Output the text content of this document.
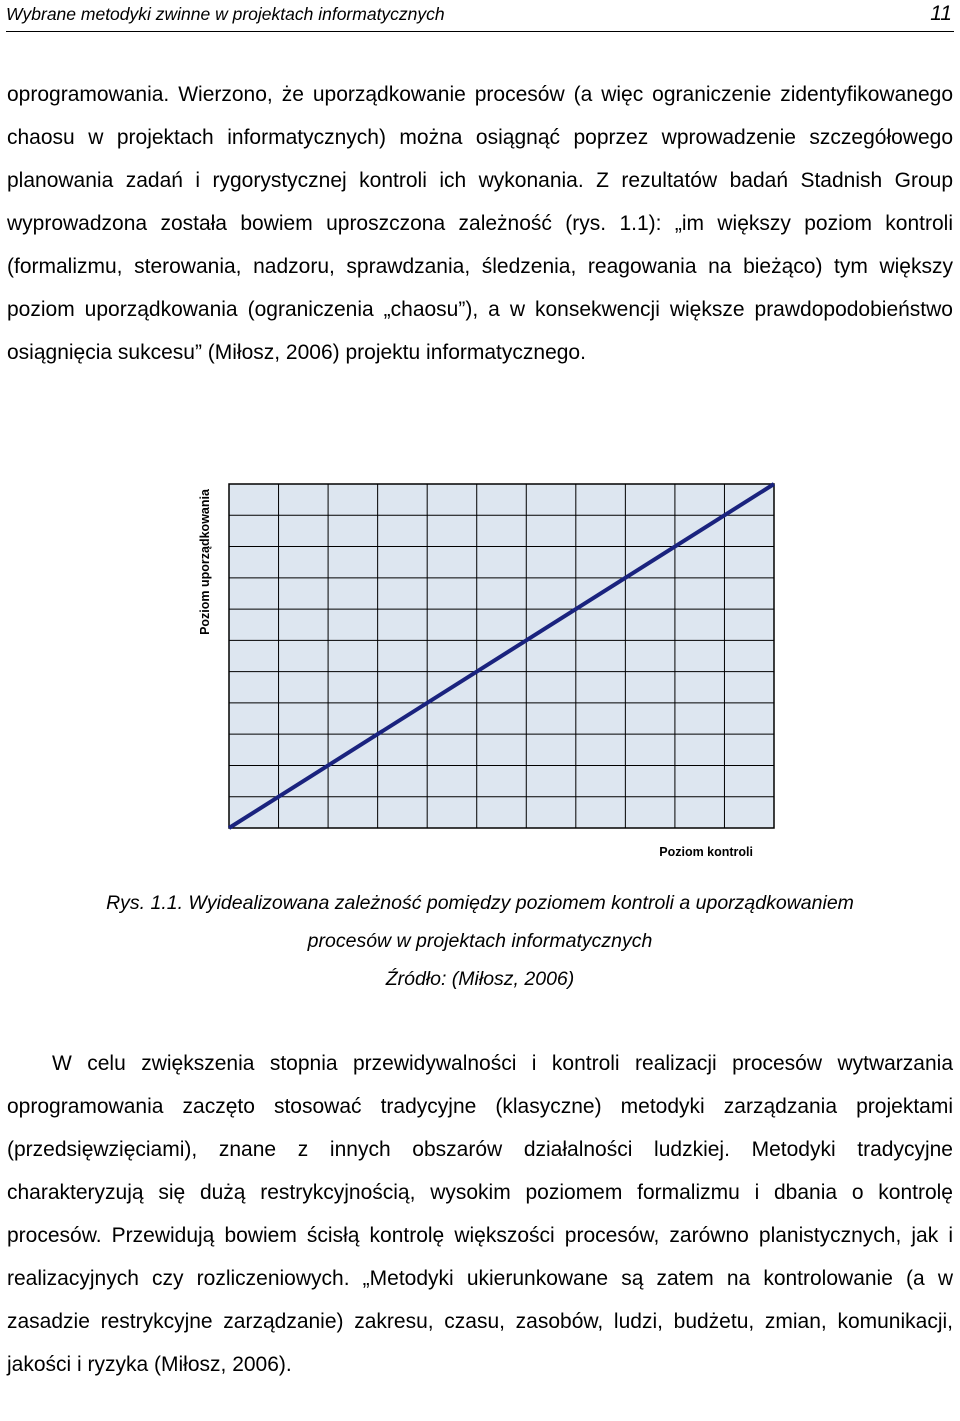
Wybrane metodyki zwinne w projektach informatycznych	11

oprogramowania. Wierzono, że uporządkowanie procesów (a więc ograniczenie zidentyfikowanego chaosu w projektach informatycznych) można osiągnąć poprzez wprowadzenie szczegółowego planowania zadań i rygorystycznej kontroli ich wykonania. Z rezultatów badań Stadnish Group wyprowadzona została bowiem uproszczona zależność (rys. 1.1): „im większy poziom kontroli (formalizmu, sterowania, nadzoru, sprawdzania, śledzenia, reagowania na bieżąco) tym większy poziom uporządkowania (ograniczenia „chaosu”), a w konsekwencji większe prawdopodobieństwo osiągnięcia sukcesu” (Miłosz, 2006) projektu informatycznego.

Poziom uporządkowania
Poziom kontroli

Rys. 1.1. Wyidealizowana zależność pomiędzy poziomem kontroli a uporządkowaniem

procesów w projektach informatycznych

Źródło: (Miłosz, 2006)

W celu zwiększenia stopnia przewidywalności i kontroli realizacji procesów wytwarzania oprogramowania zaczęto stosować tradycyjne (klasyczne) metodyki zarządzania projektami (przedsięwzięciami), znane z innych obszarów działalności ludzkiej. Metodyki tradycyjne charakteryzują się dużą restrykcyjnością, wysokim poziomem formalizmu i dbania o kontrolę procesów. Przewidują bowiem ścisłą kontrolę większości procesów, zarówno planistycznych, jak i realizacyjnych czy rozliczeniowych. „Metodyki ukierunkowane są zatem na kontrolowanie (a w zasadzie restrykcyjne zarządzanie) zakresu, czasu, zasobów, ludzi, budżetu, zmian, komunikacji, jakości i ryzyka (Miłosz, 2006).
